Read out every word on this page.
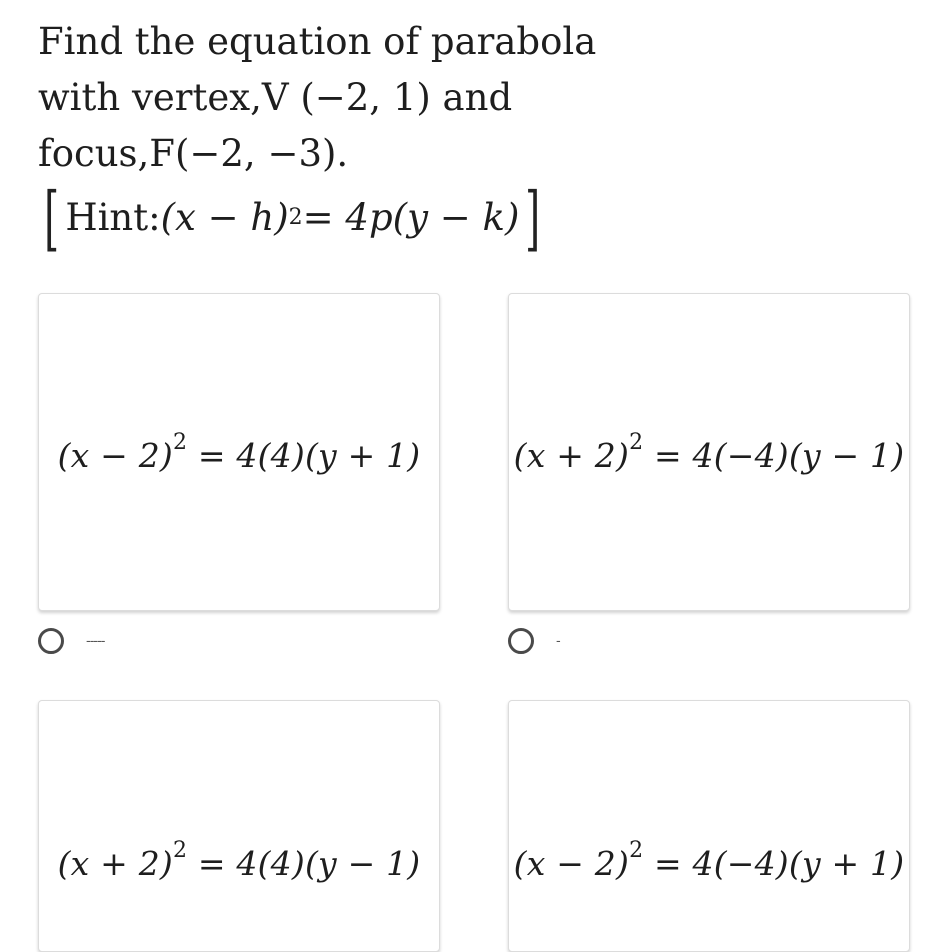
Find the equation of parabola
with vertex,V (−2, 1) and
focus,F(−2, −3).
[ Hint: (x − h) 2 = 4p(y − k) ]
$(x - 2)^2 = 4(4)(y + 1)$	$(x + 2)^2 = 4(-4)(y - 1)$
-----	-
$(x + 2)^2 = 4(4)(y - 1)$	$(x - 2)^2 = 4(-4)(y + 1)$
